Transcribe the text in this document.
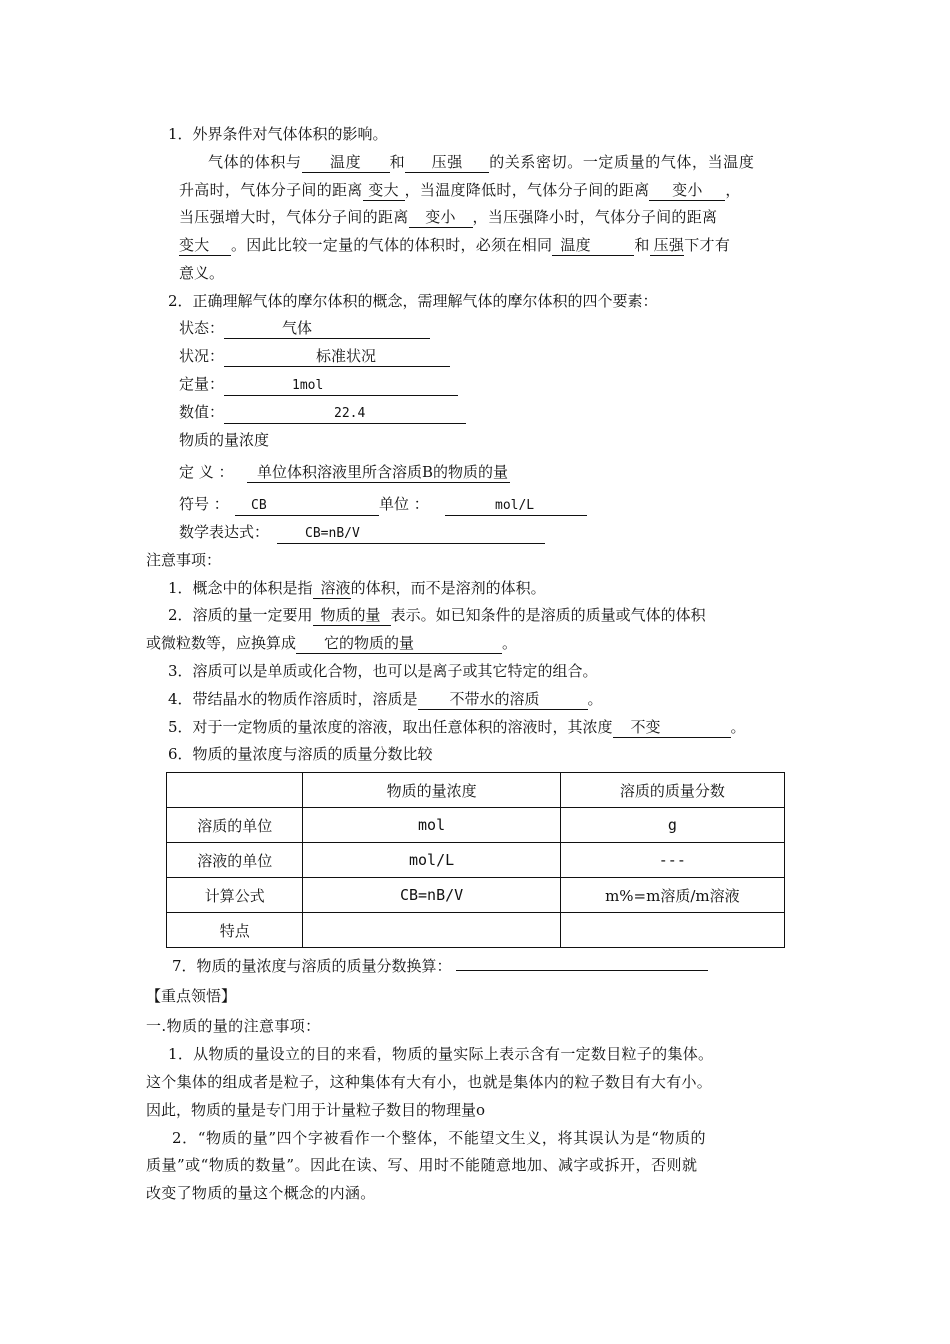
1．外界条件对气体体积的影响。
气体的体积与 温度 和 压强 的关系密切。一定质量的气体，当温度
升高时，气体分子间的距离 变大 ，当温度降低时，气体分子间的距离 变小 ，
当压强增大时，气体分子间的距离 变小 ，当压强降小时，气体分子间的距离
变大 。因此比较一定量的气体的体积时，必须在相同 温度	和 压强下才有
意义。
2．正确理解气体的摩尔体积的概念，需理解气体的摩尔体积的四个要素：
状态：	气体
状况：	标准状况
定量：	1mol
数值：	22.4
物质的量浓度
定 义 ： 单位体积溶液里所含溶质B的物质的量
符号 ： CB	单位 ：	mol/L
数学表达式：	CB=nB/V
注意事项：
1．概念中的体积是指 溶液的体积，而不是溶剂的体积。
2．溶质的量一定要用 物质的量 表示。如已知条件的是溶质的质量或气体的体积
或微粒数等，应换算成 它的物质的量	。
3．溶质可以是单质或化合物，也可以是离子或其它特定的组合。
4．带结晶水的物质作溶质时，溶质是 不带水的溶质	。
5．对于一定物质的量浓度的溶液，取出任意体积的溶液时，其浓度 不变	。
6．物质的量浓度与溶质的质量分数比较
	物质的量浓度	溶质的质量分数
溶质的单位	mol	g
溶液的单位	mol/L	---
计算公式	CB=nB/V	m%=m溶质/m溶液
特点		
7．物质的量浓度与溶质的质量分数换算：
【重点领悟】
一.物质的量的注意事项：
1．从物质的量设立的目的来看，物质的量实际上表示含有一定数目粒子的集体。
这个集体的组成者是粒子，这种集体有大有小，也就是集体内的粒子数目有大有小。
因此，物质的量是专门用于计量粒子数目的物理量o
2．“物质的量”四个字被看作一个整体，不能望文生义，将其误认为是“物质的
质量”或“物质的数量”。因此在读、写、用时不能随意地加、减字或拆开，否则就
改变了物质的量这个概念的内涵。
